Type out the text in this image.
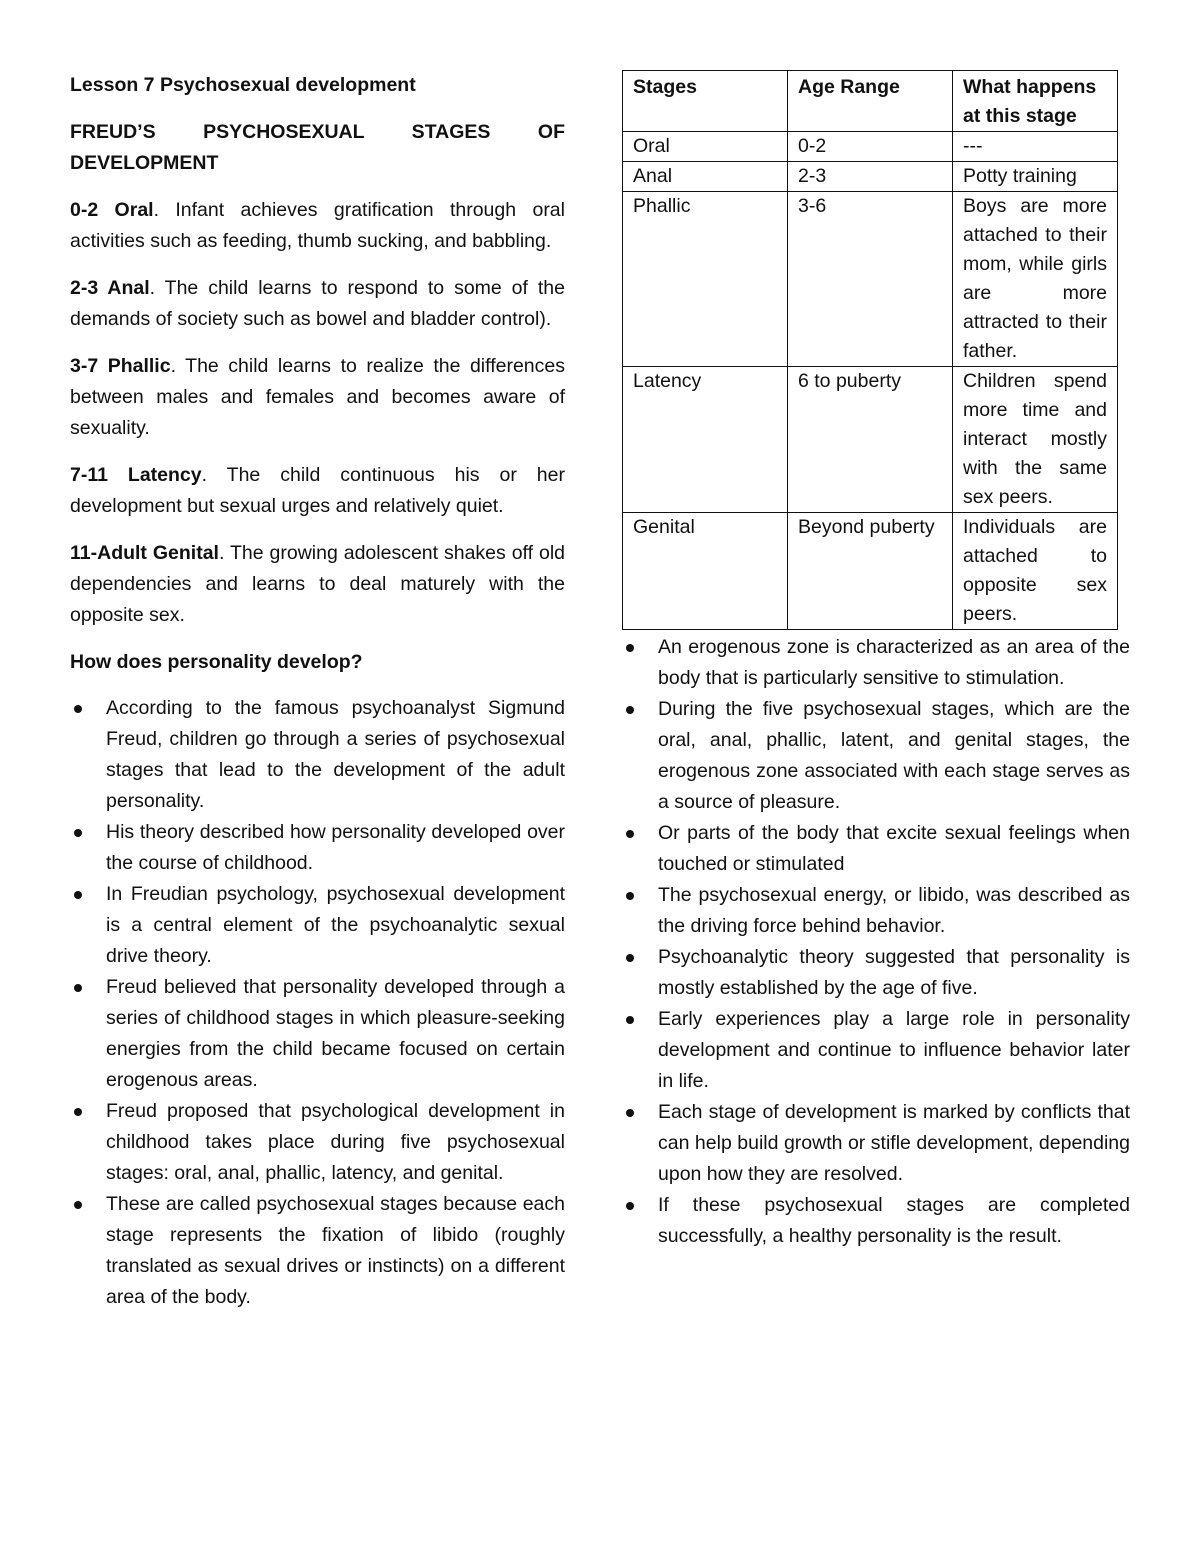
Lesson 7 Psychosexual development

FREUD’S PSYCHOSEXUAL STAGES OF

DEVELOPMENT

0-2 Oral. Infant achieves gratification through oral activities such as feeding, thumb sucking, and babbling.

2-3 Anal. The child learns to respond to some of the demands of society such as bowel and bladder control).

3-7 Phallic. The child learns to realize the differences between males and females and becomes aware of sexuality.

7-11 Latency. The child continuous his or her development but sexual urges and relatively quiet.

11-Adult Genital. The growing adolescent shakes off old dependencies and learns to deal maturely with the opposite sex.

How does personality develop?

According to the famous psychoanalyst Sigmund Freud, children go through a series of psychosexual stages that lead to the development of the adult personality.
His theory described how personality developed over the course of childhood.
In Freudian psychology, psychosexual development is a central element of the psychoanalytic sexual drive theory.
Freud believed that personality developed through a series of childhood stages in which pleasure-seeking energies from the child became focused on certain erogenous areas.
Freud proposed that psychological development in childhood takes place during five psychosexual stages: oral, anal, phallic, latency, and genital.
These are called psychosexual stages because each stage represents the fixation of libido (roughly translated as sexual drives or instincts) on a different area of the body.
Stages	Age Range	What happens at this stage
Oral	0-2	---
Anal	2-3	Potty training
Phallic	3-6	Boys are more attached to their mom, while girls are more attracted to their father.
Latency	6 to puberty	Children spend more time and interact mostly with the same sex peers.
Genital	Beyond puberty	Individuals are attached to opposite sex peers.
An erogenous zone is characterized as an area of the body that is particularly sensitive to stimulation.
During the five psychosexual stages, which are the oral, anal, phallic, latent, and genital stages, the erogenous zone associated with each stage serves as a source of pleasure.
Or parts of the body that excite sexual feelings when touched or stimulated
The psychosexual energy, or libido, was described as the driving force behind behavior.
Psychoanalytic theory suggested that personality is mostly established by the age of five.
Early experiences play a large role in personality development and continue to influence behavior later in life.
Each stage of development is marked by conflicts that can help build growth or stifle development, depending upon how they are resolved.
If these psychosexual stages are completed successfully, a healthy personality is the result.
